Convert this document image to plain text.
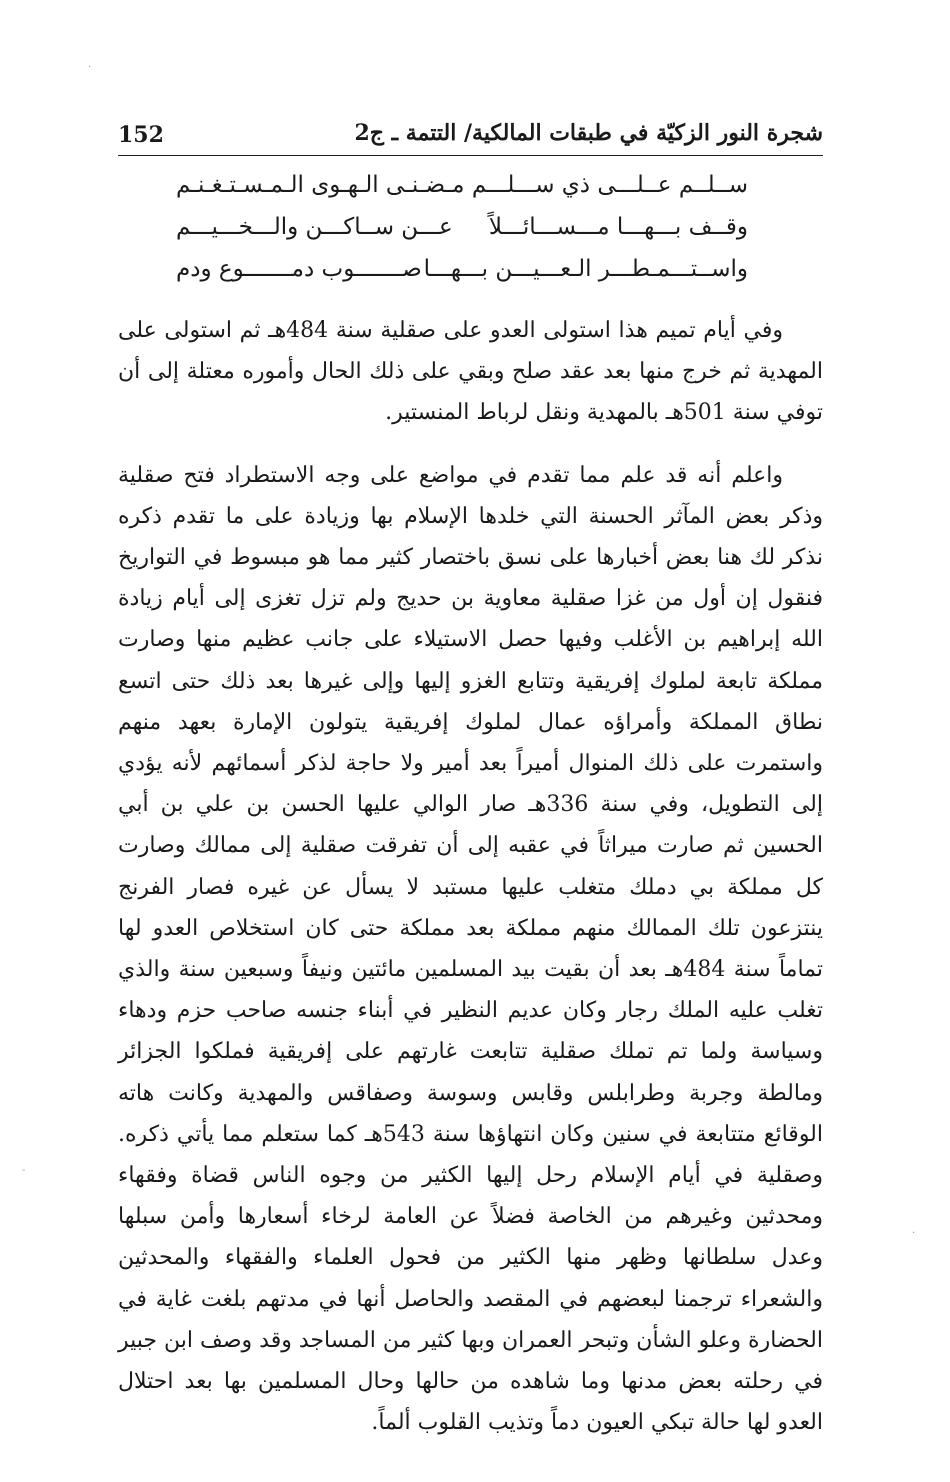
152	شجرة النور الزكيّة في طبقات المالكية/ التتمة ـ ج2
ســلــم عــلـــى ذي ســـلـــم
مـضـنـى الـهـوى الـمـسـتـغـنـم
وقــف بـــهـــا مـــســـائـــلاً
عـــن ســاكـــن والـــخـــيـــم
واســتـــمـطـــر الـعـــيـــن بـــهـــا
صـــــــوب دمـــــــوع ودم

وفي أيام تميم هذا استولى العدو على صقلية سنة 484هـ ثم استولى على المهدية ثم خرج منها بعد عقد صلح وبقي على ذلك الحال وأموره معتلة إلى أن توفي سنة 501هـ بالمهدية ونقل لرباط المنستير.

واعلم أنه قد علم مما تقدم في مواضع على وجه الاستطراد فتح صقلية وذكر بعض المآثر الحسنة التي خلدها الإسلام بها وزيادة على ما تقدم ذكره نذكر لك هنا بعض أخبارها على نسق باختصار كثير مما هو مبسوط في التواريخ فنقول إن أول من غزا صقلية معاوية بن حديج ولم تزل تغزى إلى أيام زيادة الله إبراهيم بن الأغلب وفيها حصل الاستيلاء على جانب عظيم منها وصارت مملكة تابعة لملوك إفريقية وتتابع الغزو إليها وإلى غيرها بعد ذلك حتى اتسع نطاق المملكة وأمراؤه عمال لملوك إفريقية يتولون الإمارة بعهد منهم واستمرت على ذلك المنوال أميراً بعد أمير ولا حاجة لذكر أسمائهم لأنه يؤدي إلى التطويل، وفي سنة 336هـ صار الوالي عليها الحسن بن علي بن أبي الحسين ثم صارت ميراثاً في عقبه إلى أن تفرقت صقلية إلى ممالك وصارت كل مملكة بي دملك متغلب عليها مستبد لا يسأل عن غيره فصار الفرنج ينتزعون تلك الممالك منهم مملكة بعد مملكة حتى كان استخلاص العدو لها تماماً سنة 484هـ بعد أن بقيت بيد المسلمين مائتين ونيفاً وسبعين سنة والذي تغلب عليه الملك رجار وكان عديم النظير في أبناء جنسه صاحب حزم ودهاء وسياسة ولما تم تملك صقلية تتابعت غارتهم على إفريقية فملكوا الجزائر ومالطة وجربة وطرابلس وقابس وسوسة وصفاقس والمهدية وكانت هاته الوقائع متتابعة في سنين وكان انتهاؤها سنة 543هـ كما ستعلم مما يأتي ذكره. وصقلية في أيام الإسلام رحل إليها الكثير من وجوه الناس قضاة وفقهاء ومحدثين وغيرهم من الخاصة فضلاً عن العامة لرخاء أسعارها وأمن سبلها وعدل سلطانها وظهر منها الكثير من فحول العلماء والفقهاء والمحدثين والشعراء ترجمنا لبعضهم في المقصد والحاصل أنها في مدتهم بلغت غاية في الحضارة وعلو الشأن وتبحر العمران وبها كثير من المساجد وقد وصف ابن جبير في رحلته بعض مدنها وما شاهده من حالها وحال المسلمين بها بعد احتلال العدو لها حالة تبكي العيون دماً وتذيب القلوب ألماً.

·
-
·
